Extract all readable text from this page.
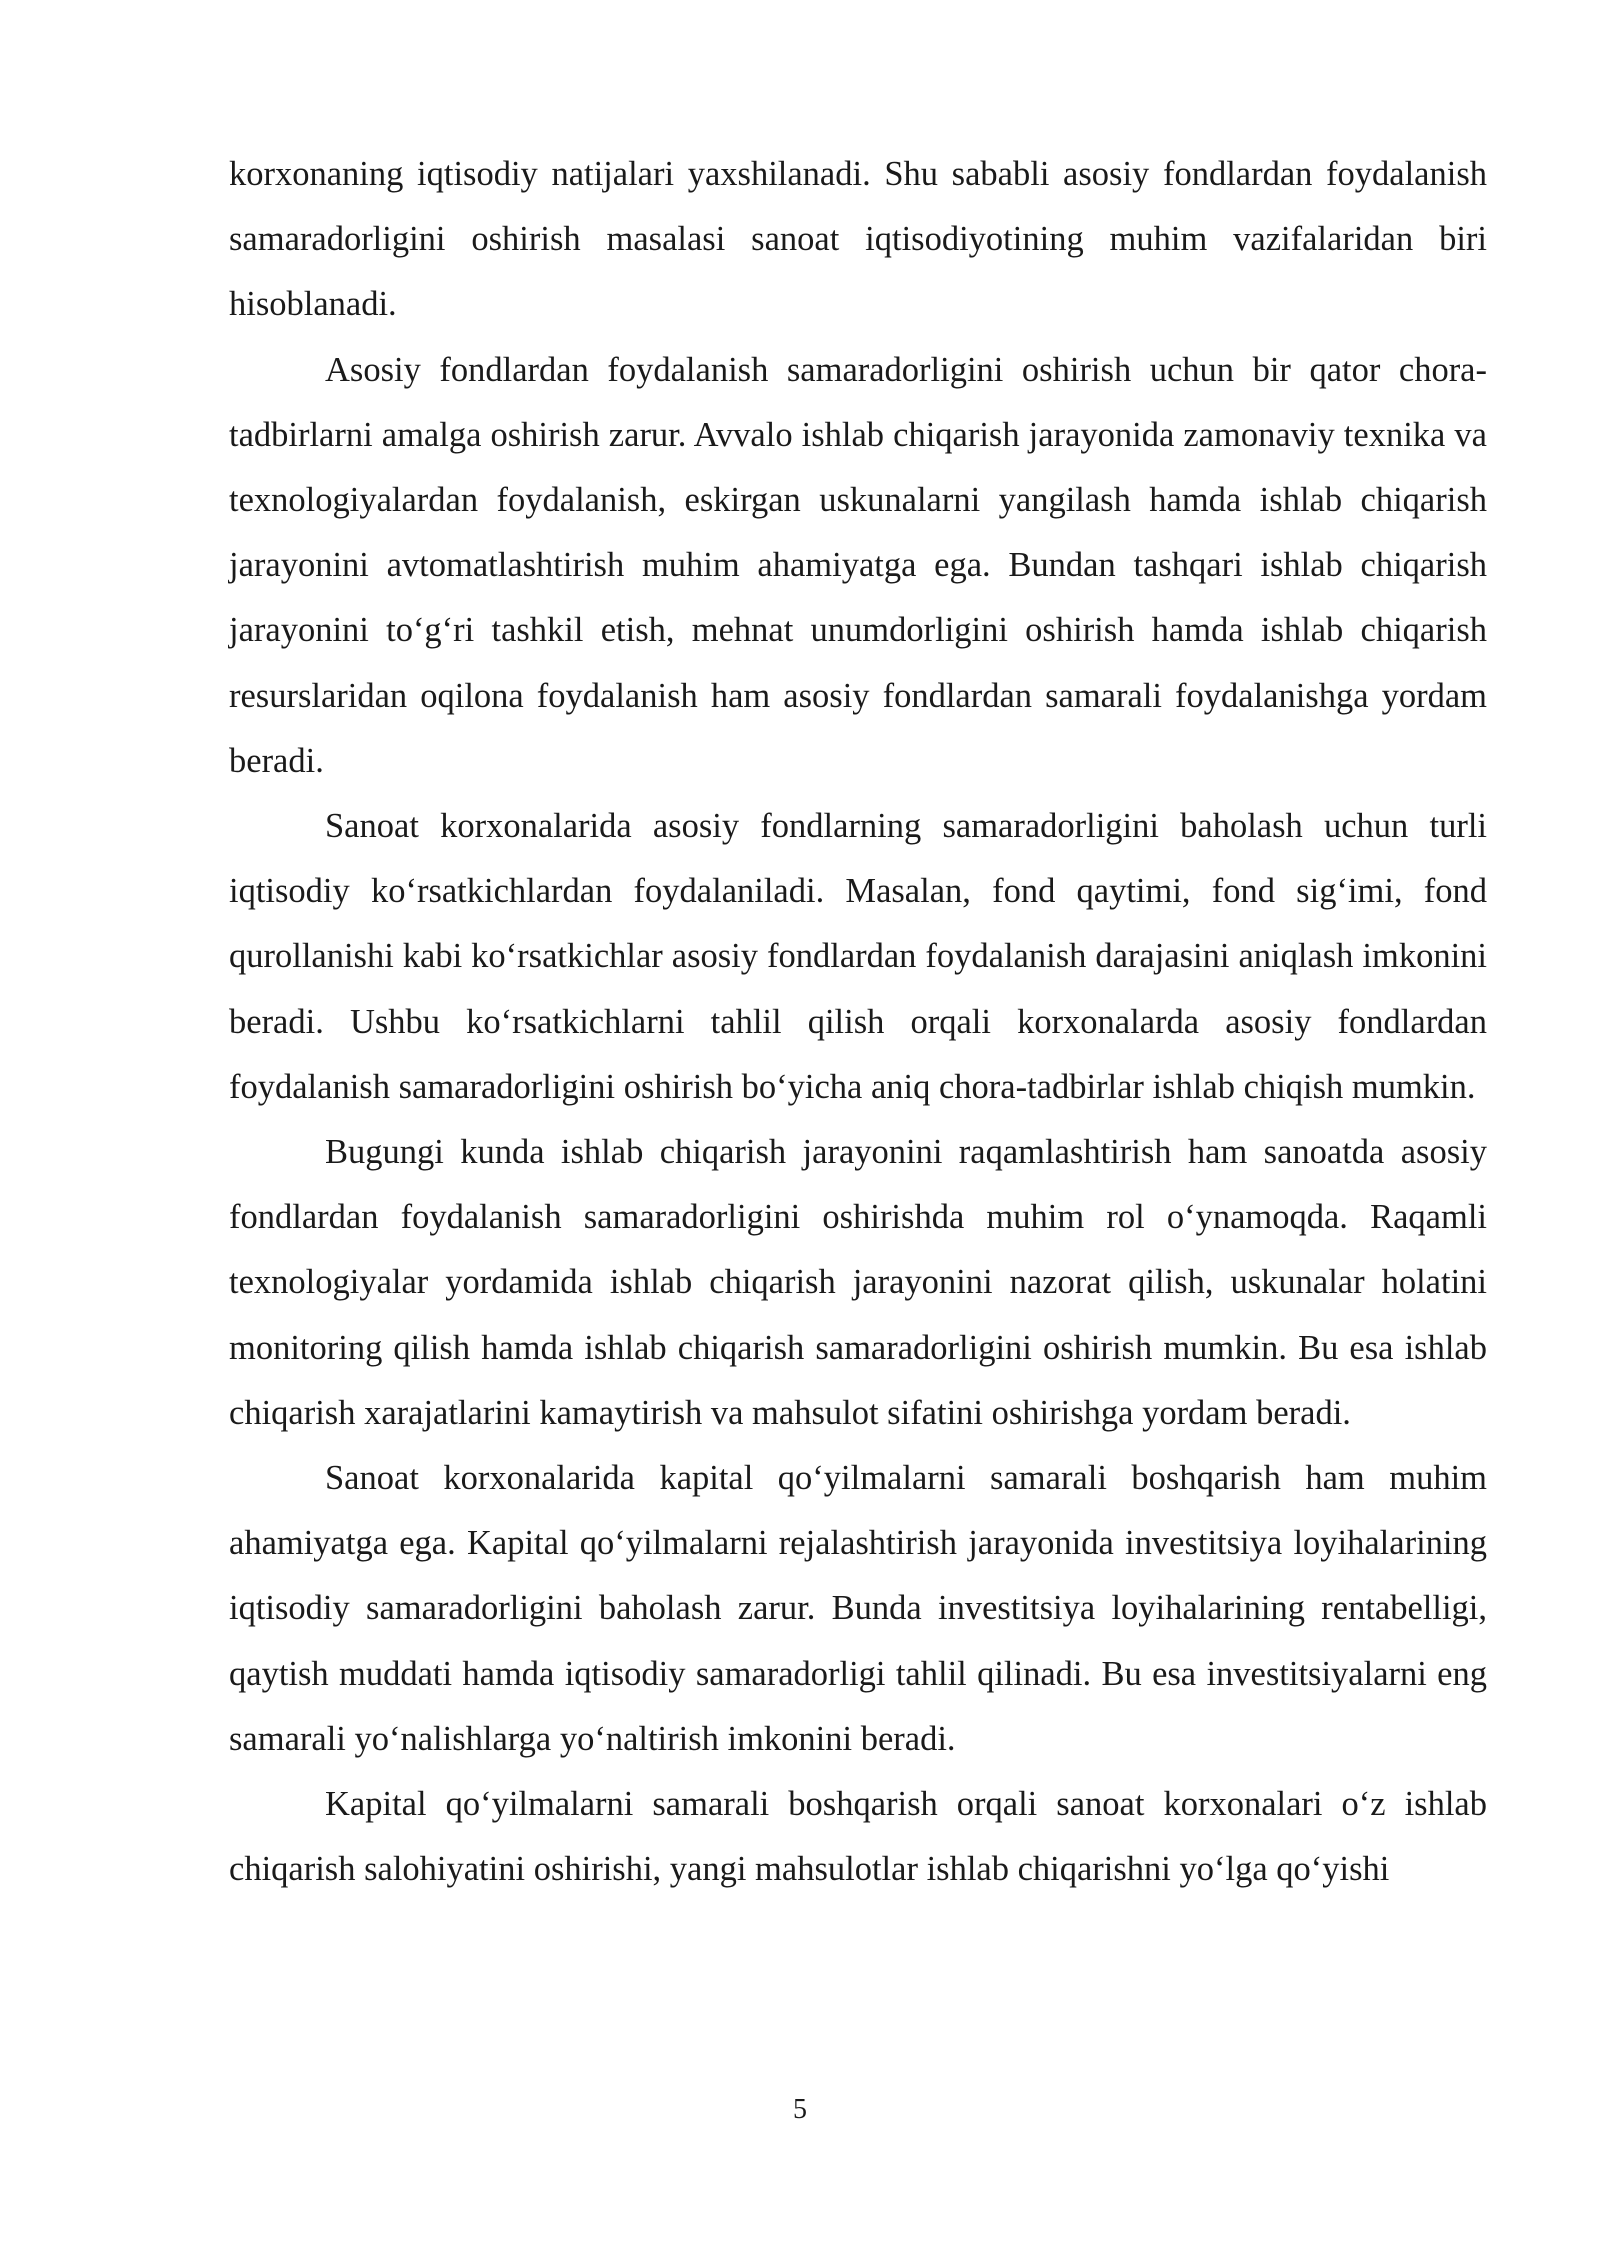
korxonaning iqtisodiy natijalari yaxshilanadi. Shu sababli asosiy fondlardan foydalanish samaradorligini oshirish masalasi sanoat iqtisodiyotining muhim vazifalaridan biri hisoblanadi.

Asosiy fondlardan foydalanish samaradorligini oshirish uchun bir qator chora-tadbirlarni amalga oshirish zarur. Avvalo ishlab chiqarish jarayonida zamonaviy texnika va texnologiyalardan foydalanish, eskirgan uskunalarni yangilash hamda ishlab chiqarish jarayonini avtomatlashtirish muhim ahamiyatga ega. Bundan tashqari ishlab chiqarish jarayonini to‘g‘ri tashkil etish, mehnat unumdorligini oshirish hamda ishlab chiqarish resurslaridan oqilona foydalanish ham asosiy fondlardan samarali foydalanishga yordam beradi.

Sanoat korxonalarida asosiy fondlarning samaradorligini baholash uchun turli iqtisodiy ko‘rsatkichlardan foydalaniladi. Masalan, fond qaytimi, fond sig‘imi, fond qurollanishi kabi ko‘rsatkichlar asosiy fondlardan foydalanish darajasini aniqlash imkonini beradi. Ushbu ko‘rsatkichlarni tahlil qilish orqali korxonalarda asosiy fondlardan foydalanish samaradorligini oshirish bo‘yicha aniq chora-tadbirlar ishlab chiqish mumkin.

Bugungi kunda ishlab chiqarish jarayonini raqamlashtirish ham sanoatda asosiy fondlardan foydalanish samaradorligini oshirishda muhim rol o‘ynamoqda. Raqamli texnologiyalar yordamida ishlab chiqarish jarayonini nazorat qilish, uskunalar holatini monitoring qilish hamda ishlab chiqarish samaradorligini oshirish mumkin. Bu esa ishlab chiqarish xarajatlarini kamaytirish va mahsulot sifatini oshirishga yordam beradi.

Sanoat korxonalarida kapital qo‘yilmalarni samarali boshqarish ham muhim ahamiyatga ega. Kapital qo‘yilmalarni rejalashtirish jarayonida investitsiya loyihalarining iqtisodiy samaradorligini baholash zarur. Bunda investitsiya loyihalarining rentabelligi, qaytish muddati hamda iqtisodiy samaradorligi tahlil qilinadi. Bu esa investitsiyalarni eng samarali yo‘nalishlarga yo‘naltirish imkonini beradi.

Kapital qo‘yilmalarni samarali boshqarish orqali sanoat korxonalari o‘z ishlab chiqarish salohiyatini oshirishi, yangi mahsulotlar ishlab chiqarishni yo‘lga qo‘yishi

5
